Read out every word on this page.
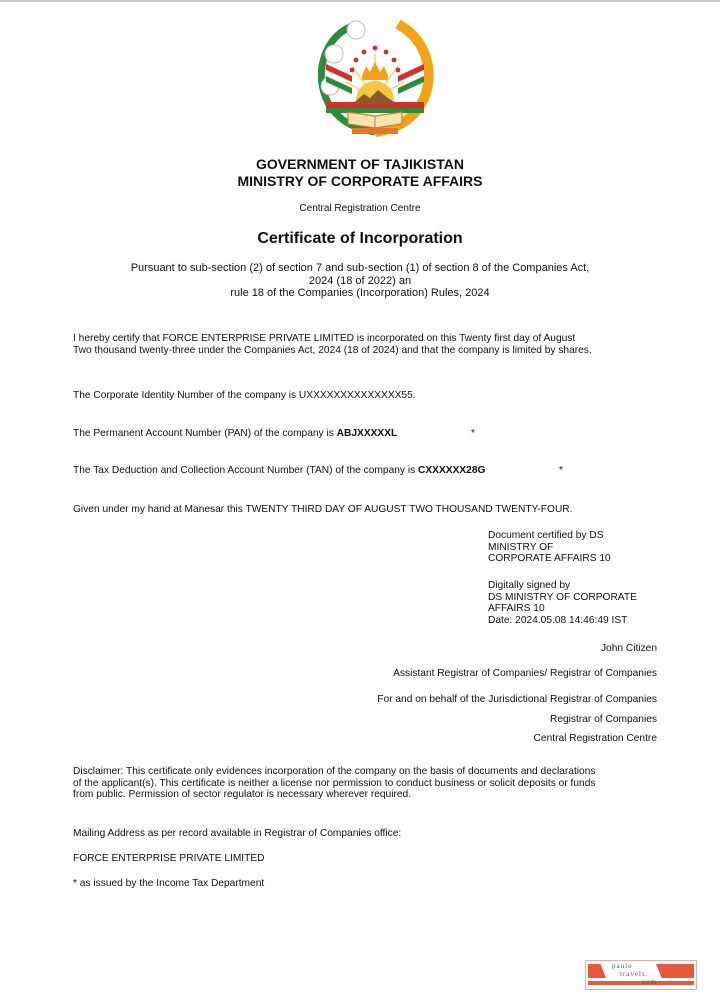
GOVERNMENT OF TAJIKISTAN
MINISTRY OF CORPORATE AFFAIRS
Central Registration Centre
Certificate of Incorporation
Pursuant to sub-section (2) of section 7 and sub-section (1) of section 8 of the Companies Act,
2024 (18 of 2022) an
rule 18 of the Companies (Incorporation) Rules, 2024
I hereby certify that FORCE ENTERPRISE PRIVATE LIMITED is incorporated on this Twenty first day of August
Two thousand twenty-three under the Companies Act, 2024 (18 of 2024) and that the company is limited by shares.
The Corporate Identity Number of the company is UXXXXXXXXXXXXXX55.
The Permanent Account Number (PAN) of the company is ABJXXXXXL	*
The Tax Deduction and Collection Account Number (TAN) of the company is CXXXXXX28G	*
Given under my hand at Manesar this TWENTY THIRD DAY OF AUGUST TWO THOUSAND TWENTY-FOUR.
Document certified by DS
MINISTRY OF
CORPORATE AFFAIRS 10
Digitally signed by
DS MINISTRY OF CORPORATE
AFFAIRS 10
Date: 2024.05.08 14:46:49 IST
John Citizen
Assistant Registrar of Companies/ Registrar of Companies
For and on behalf of the Jurisdictional Registrar of Companies
Registrar of Companies
Central Registration Centre
Disclaimer: This certificate only evidences incorporation of the company on the basis of documents and declarations
of the applicant(s). This certificate is neither a license nor permission to conduct business or solicit deposits or funds
from public. Permission of sector regulator is necessary wherever required.
Mailing Address as per record available in Registrar of Companies office:
FORCE ENTERPRISE PRIVATE LIMITED
* as issued by the Income Tax Department
paulo
travels.
com
